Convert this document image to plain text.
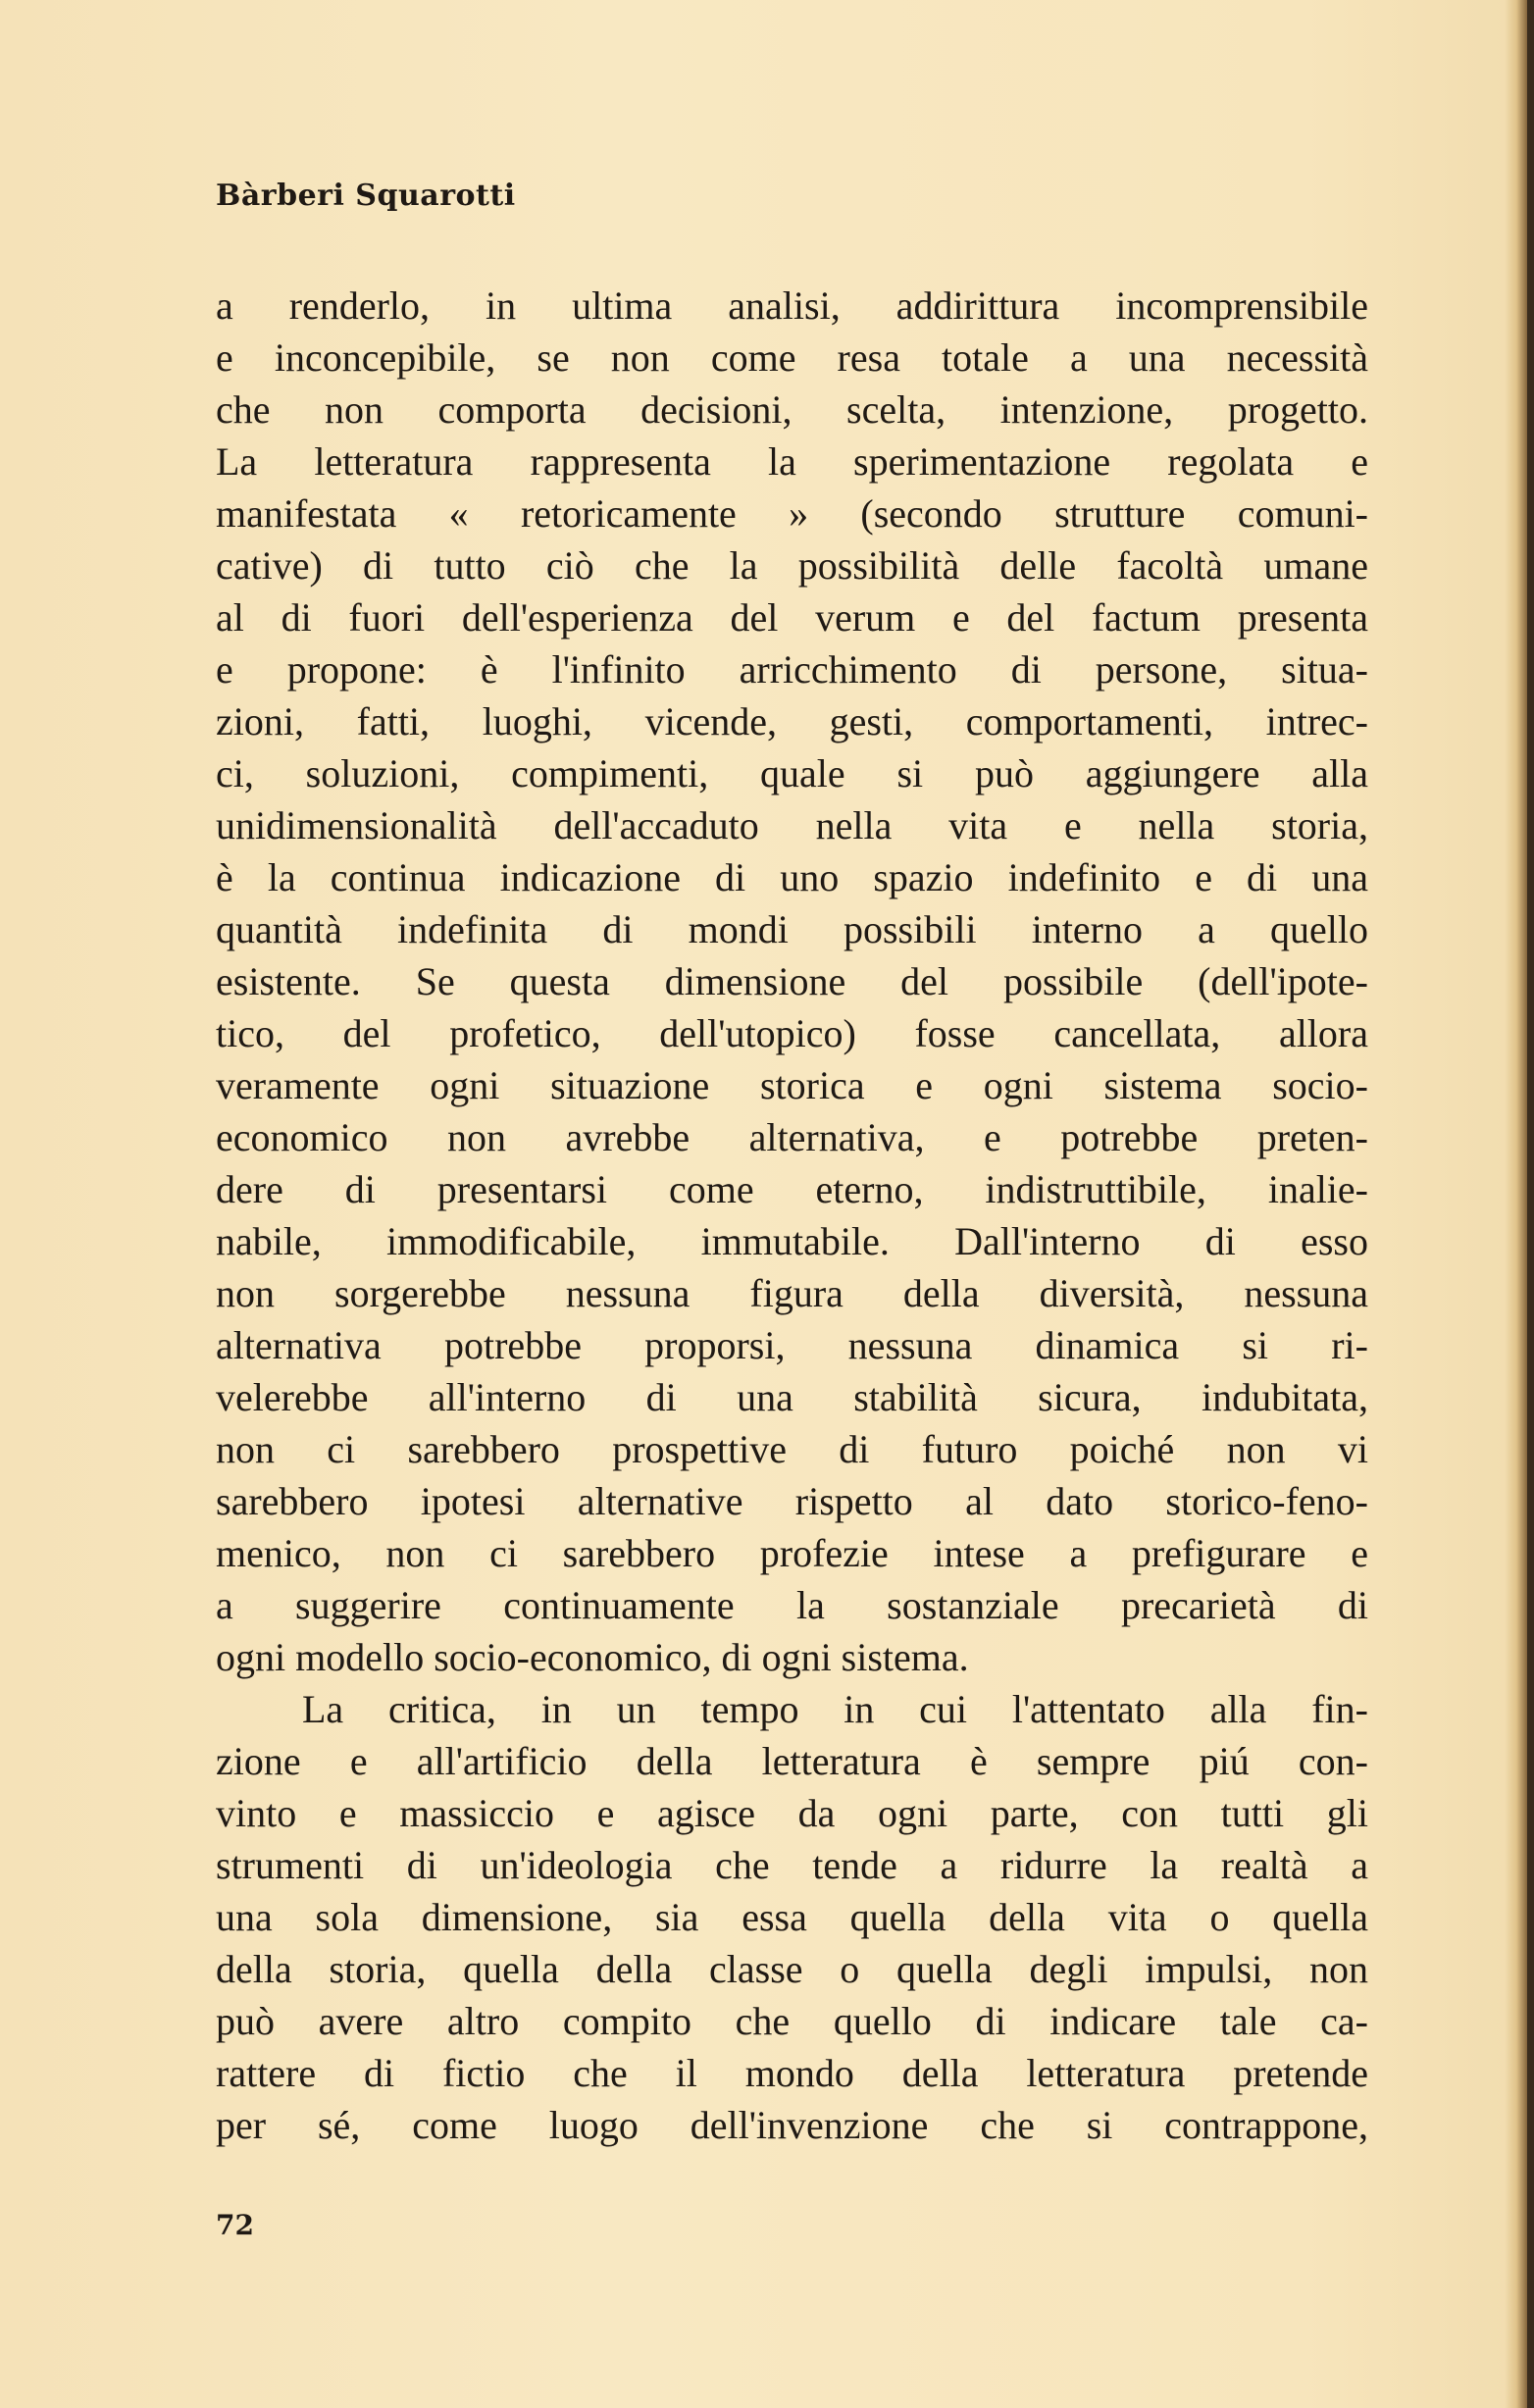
Bàrberi Squarotti
a renderlo, in ultima analisi, addirittura incomprensibile
e inconcepibile, se non come resa totale a una necessità
che non comporta decisioni, scelta, intenzione, progetto.
La letteratura rappresenta la sperimentazione regolata e
manifestata « retoricamente » (secondo strutture comuni-
cative) di tutto ciò che la possibilità delle facoltà umane
al di fuori dell'esperienza del verum e del factum presenta
e propone: è l'infinito arricchimento di persone, situa-
zioni, fatti, luoghi, vicende, gesti, comportamenti, intrec-
ci, soluzioni, compimenti, quale si può aggiungere alla
unidimensionalità dell'accaduto nella vita e nella storia,
è la continua indicazione di uno spazio indefinito e di una
quantità indefinita di mondi possibili interno a quello
esistente. Se questa dimensione del possibile (dell'ipote-
tico, del profetico, dell'utopico) fosse cancellata, allora
veramente ogni situazione storica e ogni sistema socio-
economico non avrebbe alternativa, e potrebbe preten-
dere di presentarsi come eterno, indistruttibile, inalie-
nabile, immodificabile, immutabile. Dall'interno di esso
non sorgerebbe nessuna figura della diversità, nessuna
alternativa potrebbe proporsi, nessuna dinamica si ri-
velerebbe all'interno di una stabilità sicura, indubitata,
non ci sarebbero prospettive di futuro poiché non vi
sarebbero ipotesi alternative rispetto al dato storico-feno-
menico, non ci sarebbero profezie intese a prefigurare e
a suggerire continuamente la sostanziale precarietà di
ogni modello socio-economico, di ogni sistema.
La critica, in un tempo in cui l'attentato alla fin-
zione e all'artificio della letteratura è sempre piú con-
vinto e massiccio e agisce da ogni parte, con tutti gli
strumenti di un'ideologia che tende a ridurre la realtà a
una sola dimensione, sia essa quella della vita o quella
della storia, quella della classe o quella degli impulsi, non
può avere altro compito che quello di indicare tale ca-
rattere di fictio che il mondo della letteratura pretende
per sé, come luogo dell'invenzione che si contrappone,
72
